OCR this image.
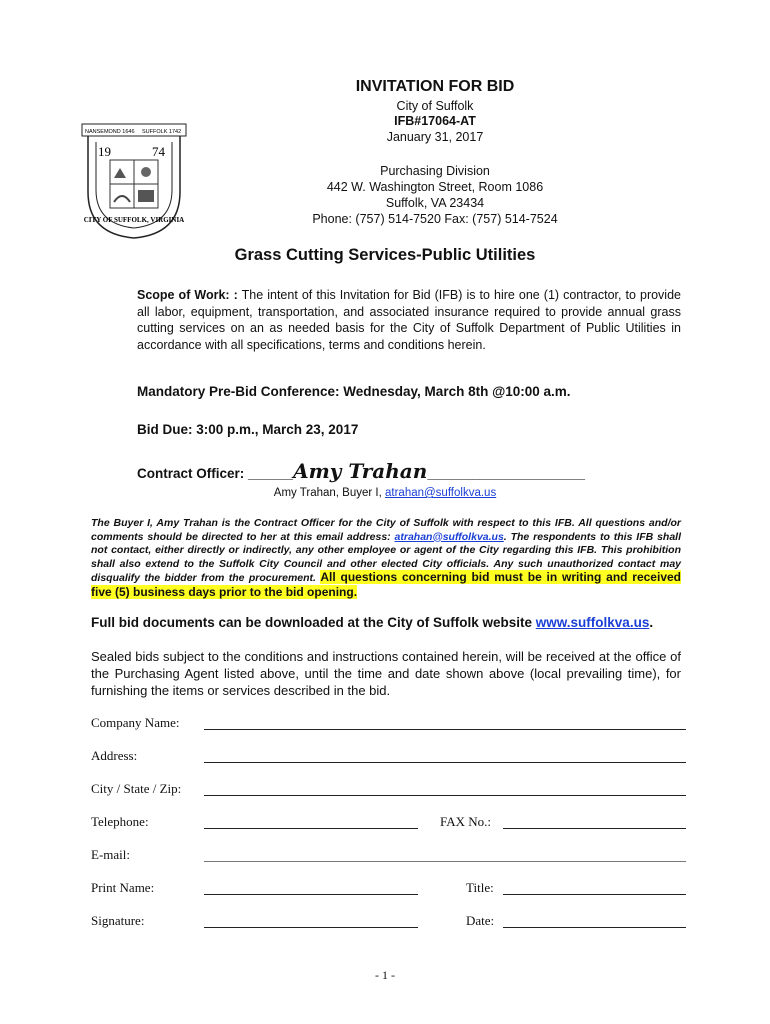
NANSEMOND 1646 SUFFOLK 1742
19	74
CITY OF SUFFOLK, VIRGINIA
INVITATION FOR BID
City of Suffolk
IFB#17064-AT
January 31, 2017
Purchasing Division
442 W. Washington Street, Room 1086
Suffolk, VA 23434
Phone: (757) 514-7520 Fax: (757) 514-7524
Grass Cutting Services-Public Utilities
Scope of Work: : The intent of this Invitation for Bid (IFB) is to hire one (1) contractor, to provide all labor, equipment, transportation, and associated insurance required to provide annual grass cutting services on an as needed basis for the City of Suffolk Department of Public Utilities in accordance with all specifications, terms and conditions herein.
Mandatory Pre-Bid Conference: Wednesday, March 8th @10:00 a.m.
Bid Due: 3:00 p.m., March 23, 2017
Contract Officer: ______Amy Trahan_____________________
Amy Trahan, Buyer I, atrahan@suffolkva.us
The Buyer I, Amy Trahan is the Contract Officer for the City of Suffolk with respect to this IFB. All questions and/or comments should be directed to her at this email address: atrahan@suffolkva.us. The respondents to this IFB shall not contact, either directly or indirectly, any other employee or agent of the City regarding this IFB. This prohibition shall also extend to the Suffolk City Council and other elected City officials. Any such unauthorized contact may disqualify the bidder from the procurement. All questions concerning bid must be in writing and received five (5) business days prior to the bid opening.
Full bid documents can be downloaded at the City of Suffolk website www.suffolkva.us.
Sealed bids subject to the conditions and instructions contained herein, will be received at the office of the Purchasing Agent listed above, until the time and date shown above (local prevailing time), for furnishing the items or services described in the bid.
Company Name:
Address:
City / State / Zip:
Telephone:	FAX No.:
E-mail:
Print Name:	Title:
Signature:	Date:
- 1 -
